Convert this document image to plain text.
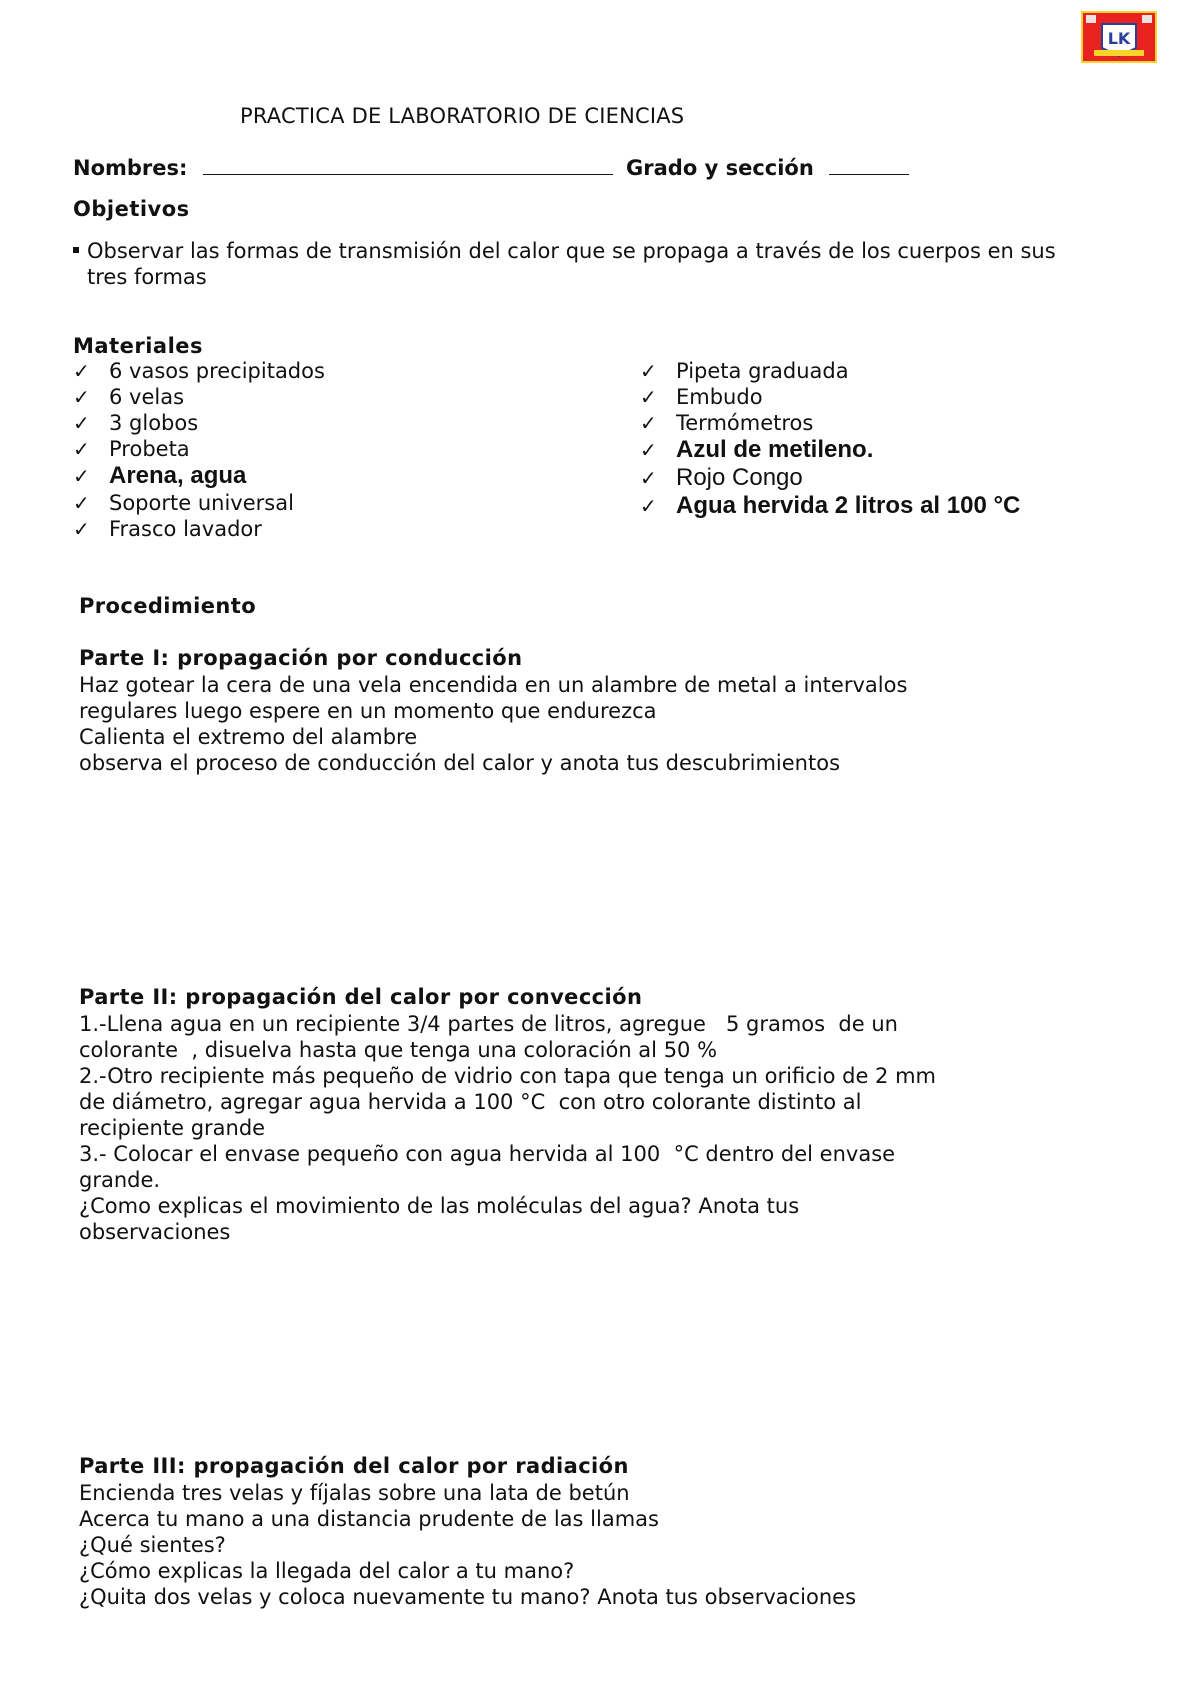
LK
PRACTICA DE LABORATORIO DE CIENCIAS
Nombres:	Grado y sección
Objetivos
Observar las formas de transmisión del calor que se propaga a través de los cuerpos en sus
tres formas
Materiales
✓ 6 vasos precipitados
✓ 6 velas
✓ 3 globos
✓ Probeta
✓ Arena, agua
✓ Soporte universal
✓ Frasco lavador
✓ Pipeta graduada
✓ Embudo
✓ Termómetros
✓ Azul de metileno.
✓ Rojo Congo
✓ Agua hervida 2 litros al 100 °C
Procedimiento
Parte I: propagación por conducción
Haz gotear la cera de una vela encendida en un alambre de metal a intervalos
regulares luego espere en un momento que endurezca
Calienta el extremo del alambre
observa el proceso de conducción del calor y anota tus descubrimientos
Parte II: propagación del calor por convección
1.-Llena agua en un recipiente 3/4 partes de litros, agregue   5 gramos  de un
colorante  , disuelva hasta que tenga una coloración al 50 %
2.-Otro recipiente más pequeño de vidrio con tapa que tenga un orificio de 2 mm
de diámetro, agregar agua hervida a 100 °C  con otro colorante distinto al
recipiente grande
3.- Colocar el envase pequeño con agua hervida al 100  °C dentro del envase
grande.
¿Como explicas el movimiento de las moléculas del agua? Anota tus
observaciones
Parte III: propagación del calor por radiación
Encienda tres velas y fíjalas sobre una lata de betún
Acerca tu mano a una distancia prudente de las llamas
¿Qué sientes?
¿Cómo explicas la llegada del calor a tu mano?
¿Quita dos velas y coloca nuevamente tu mano? Anota tus observaciones
